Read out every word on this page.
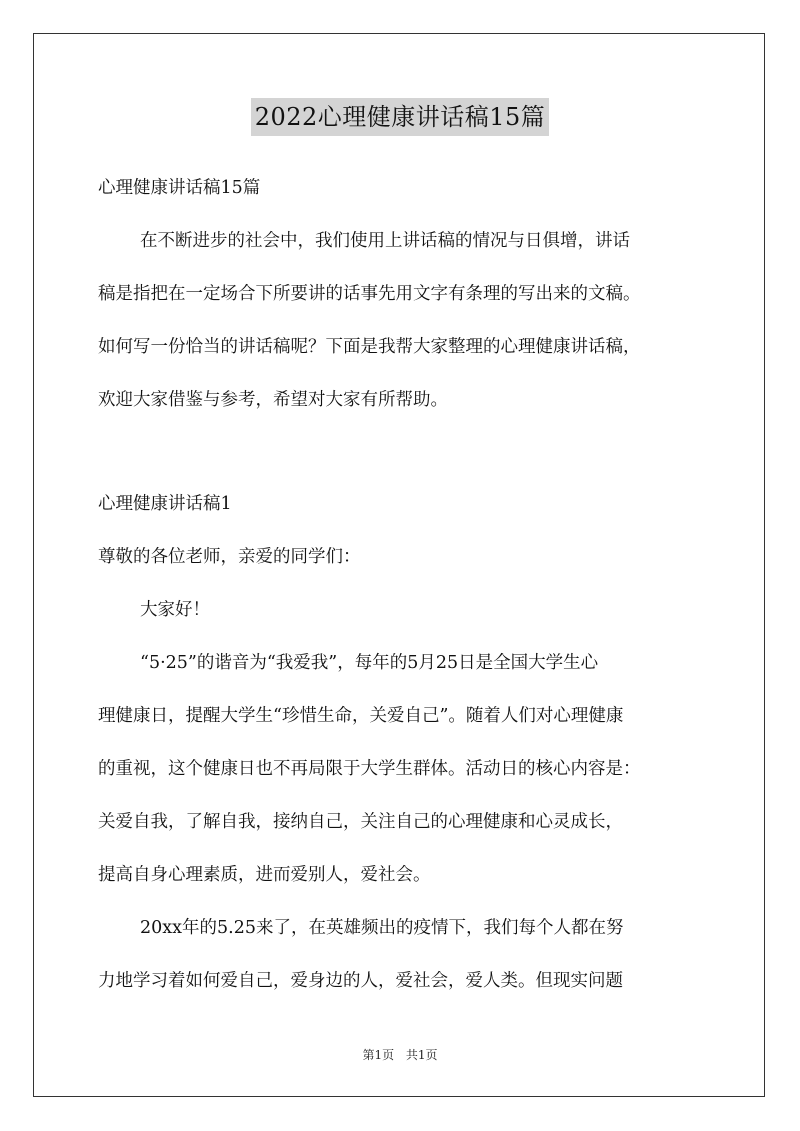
2022心理健康讲话稿15篇
心理健康讲话稿15篇
在不断进步的社会中，我们使用上讲话稿的情况与日俱增，讲话
稿是指把在一定场合下所要讲的话事先用文字有条理的写出来的文稿。
如何写一份恰当的讲话稿呢？下面是我帮大家整理的心理健康讲话稿，
欢迎大家借鉴与参考，希望对大家有所帮助。
心理健康讲话稿1
尊敬的各位老师，亲爱的同学们：
大家好！
“5·25”的谐音为“我爱我”，每年的5月25日是全国大学生心
理健康日，提醒大学生“珍惜生命，关爱自己”。随着人们对心理健康
的重视，这个健康日也不再局限于大学生群体。活动日的核心内容是：
关爱自我，了解自我，接纳自己，关注自己的心理健康和心灵成长，
提高自身心理素质，进而爱别人，爱社会。
20xx年的5.25来了，在英雄频出的疫情下，我们每个人都在努
力地学习着如何爱自己，爱身边的人，爱社会，爱人类。但现实问题
第1页 共1页
